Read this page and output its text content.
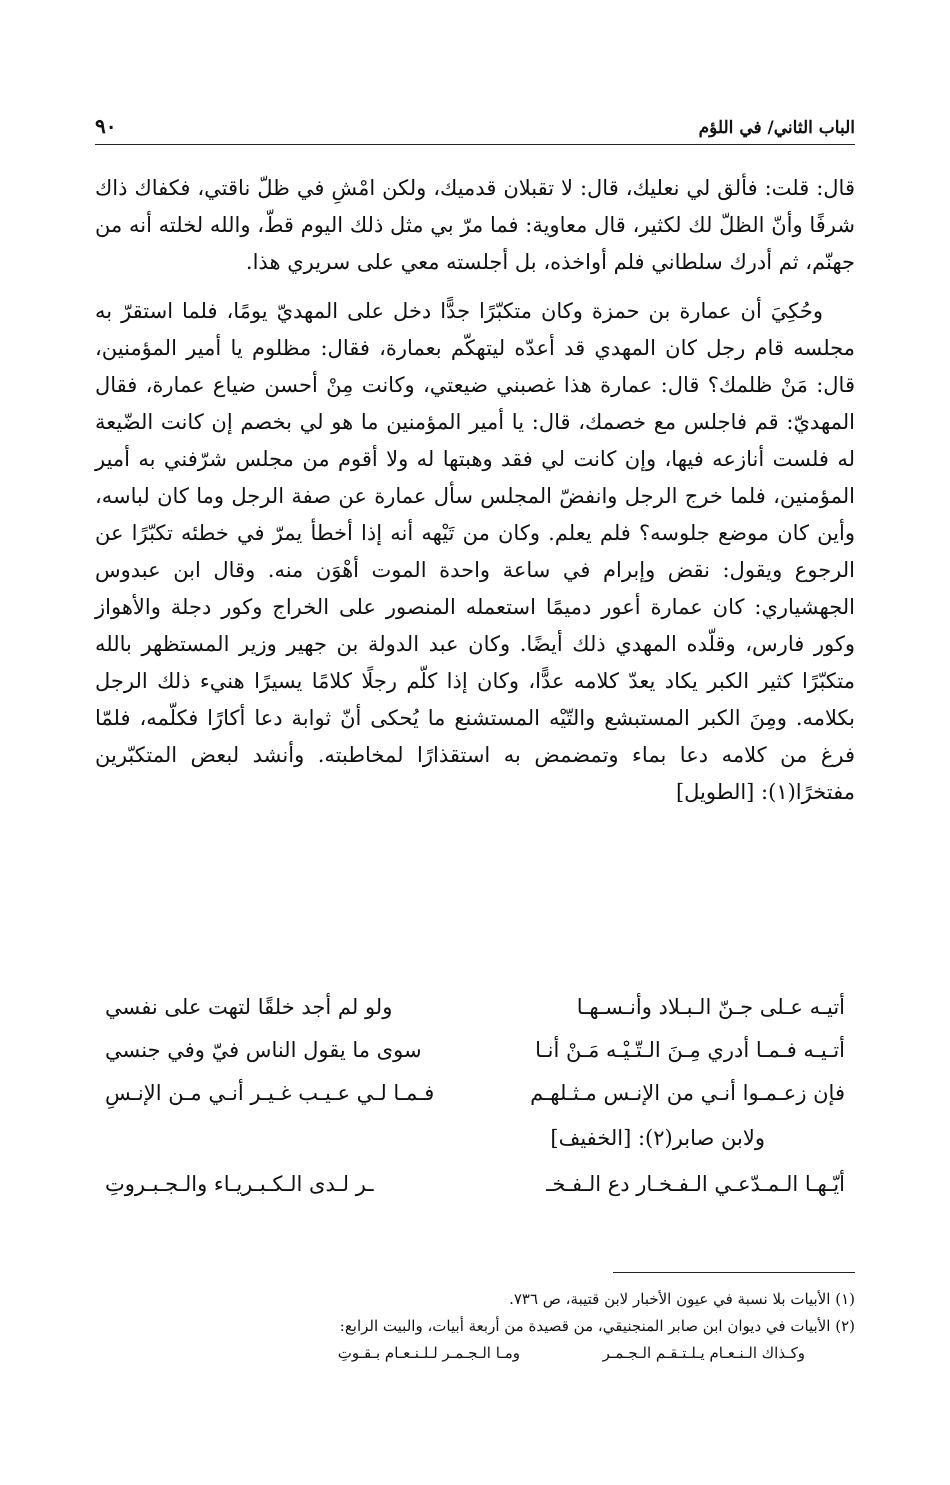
٩٠	الباب الثاني/ في اللؤم

قال: قلت: فألق لي نعليك، قال: لا تقبلان قدميك، ولكن امْشِ في ظلّ ناقتي، فكفاك ذاك شرفًا وأنّ الظلّ لك لكثير، قال معاوية: فما مرّ بي مثل ذلك اليوم قطّ، والله لخلته أنه من جهنّم، ثم أدرك سلطاني فلم أواخذه، بل أجلسته معي على سريري هذا.

وحُكِيَ أن عمارة بن حمزة وكان متكبّرًا جدًّا دخل على المهديّ يومًا، فلما استقرّ به مجلسه قام رجل كان المهدي قد أعدّه ليتهكّم بعمارة، فقال: مظلوم يا أمير المؤمنين، قال: مَنْ ظلمك؟ قال: عمارة هذا غصبني ضيعتي، وكانت مِنْ أحسن ضياع عمارة، فقال المهديّ: قم فاجلس مع خصمك، قال: يا أمير المؤمنين ما هو لي بخصم إن كانت الضّيعة له فلست أنازعه فيها، وإن كانت لي فقد وهبتها له ولا أقوم من مجلس شرّفني به أمير المؤمنين، فلما خرج الرجل وانفضّ المجلس سأل عمارة عن صفة الرجل وما كان لباسه، وأين كان موضع جلوسه؟ فلم يعلم. وكان من تَيْهه أنه إذا أخطأ يمرّ في خطئه تكبّرًا عن الرجوع ويقول: نقض وإبرام في ساعة واحدة الموت أهْوَن منه. وقال ابن عبدوس الجهشياري: كان عمارة أعور دميمًا استعمله المنصور على الخراج وكور دجلة والأهواز وكور فارس، وقلّده المهدي ذلك أيضًا. وكان عبد الدولة بن جهير وزير المستظهر بالله متكبّرًا كثير الكبر يكاد يعدّ كلامه عدًّا، وكان إذا كلّم رجلًا كلامًا يسيرًا هنيء ذلك الرجل بكلامه. ومِنَ الكبر المستبشع والتّيْه المستشنع ما يُحكى أنّ ثوابة دعا أكارًا فكلّمه، فلمّا فرغ من كلامه دعا بماء وتمضمض به استقذارًا لمخاطبته. وأنشد لبعض المتكبّرين مفتخرًا(١): [الطويل]

أتيـه عـلى جـنّ الـبـلاد وأنـسـهـا
ولو لم أجد خلقًا لتهت على نفسي
أتـيـه فـمـا أدري مِـنَ الـتّـيْـه مَـنْ أنـا
سوى ما يقول الناس فيّ وفي جنسي
فإن زعـمـوا أنـي من الإنـس مـثـلهـم
فـمـا لـي عـيـب غـيـر أنـي مـن الإنـسِ
ولابن صابر(٢): [الخفيف]
أيّـهـا الـمـدّعـي الـفـخـار دع الـفـخـ
ـر لـدى الـكـبـريـاء والـجـبـروتِ

(١) الأبيات بلا نسبة في عيون الأخبار لابن قتيبة، ص ٧٣٦.

(٢) الأبيات في ديوان ابن صابر المنجنيقي، من قصيدة من أربعة أبيات، والبيت الرابع:

وكـذاك الـنـعـام يـلـتـقـم الـجـمـر
ومـا الـجـمـر لـلـنـعـام بـقـوتِ
